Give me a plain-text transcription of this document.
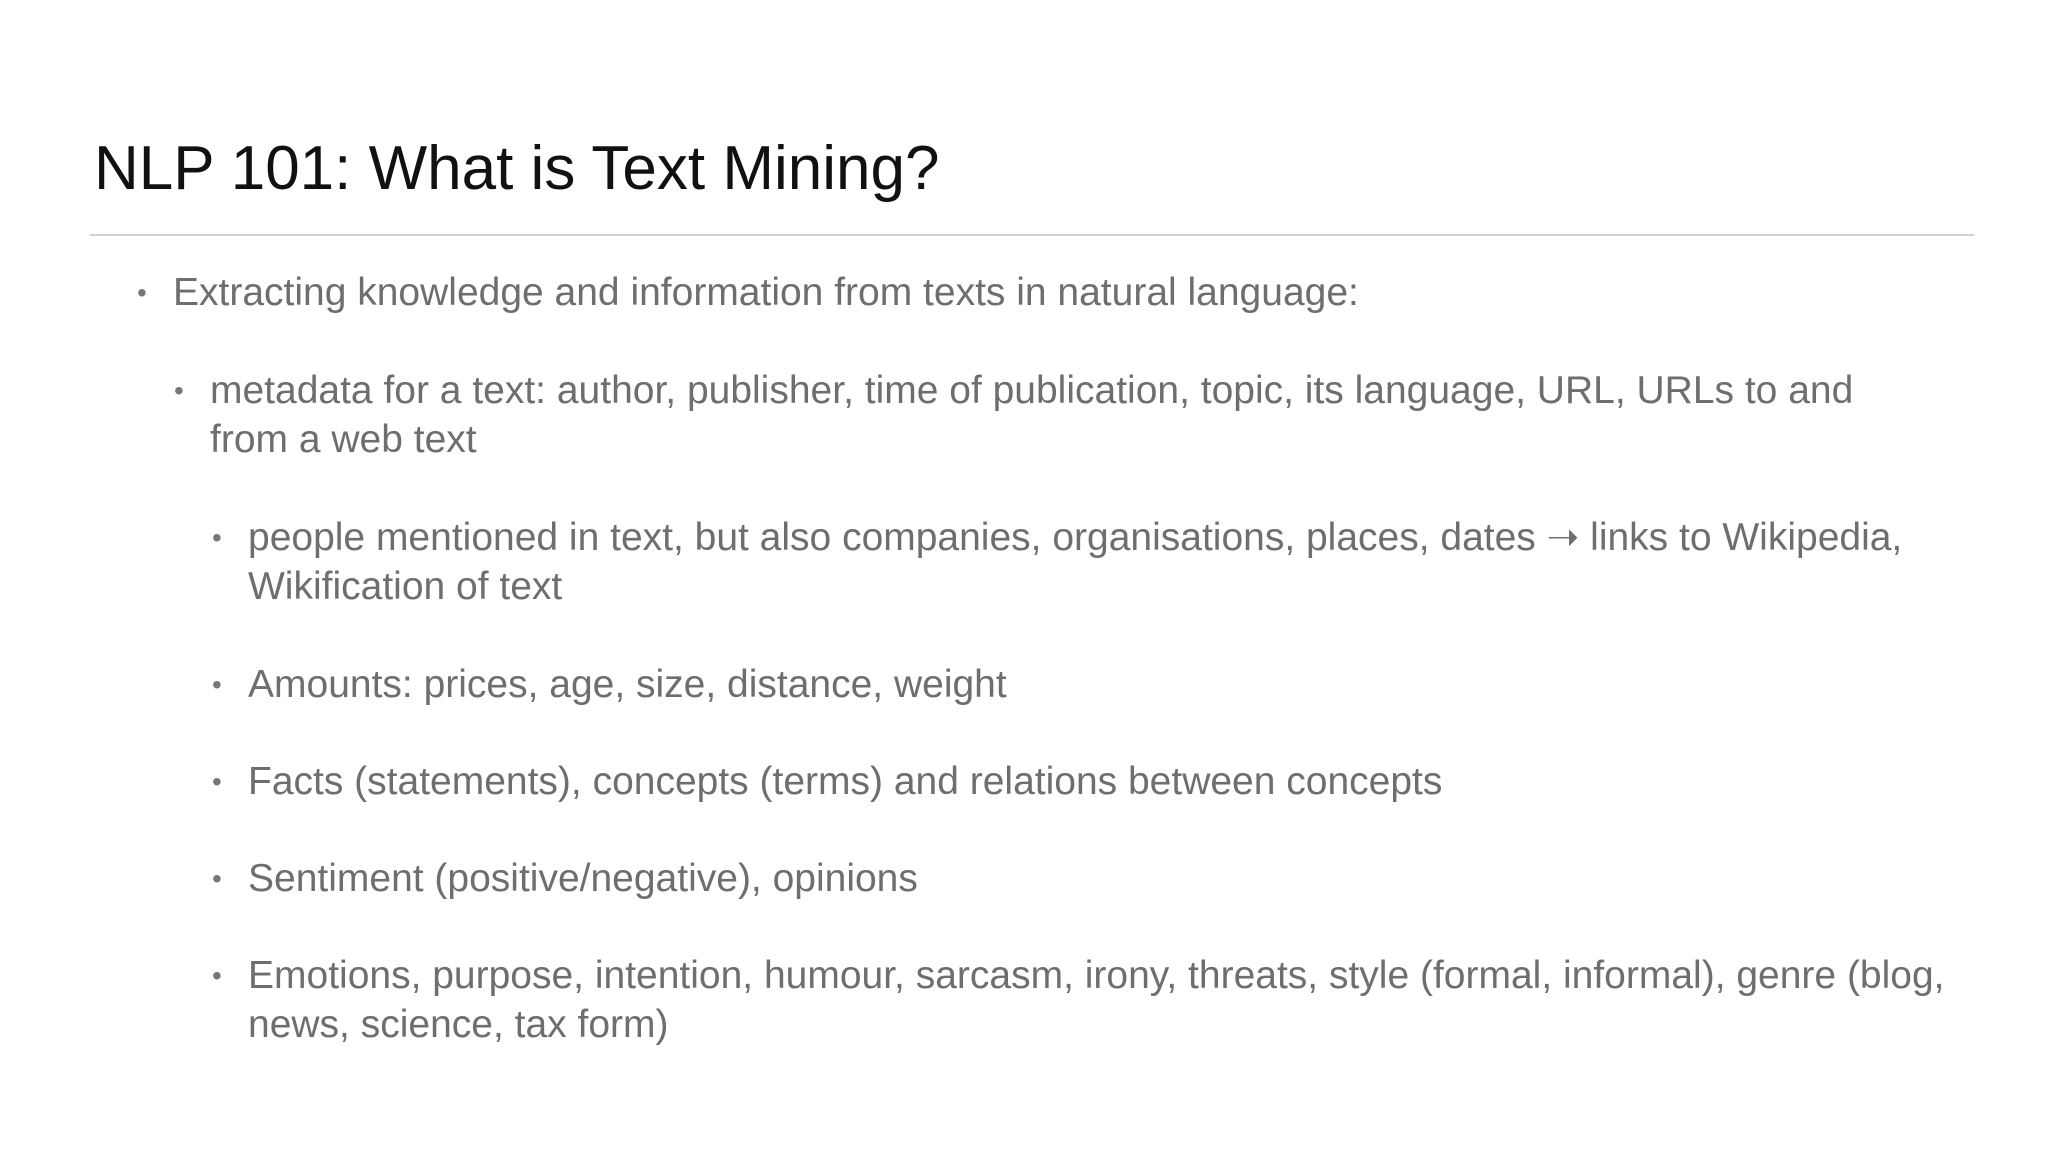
NLP 101: What is Text Mining?
• Extracting knowledge and information from texts in natural language:
• metadata for a text: author, publisher, time of publication, topic, its language, URL, URLs to and from a web text
• people mentioned in text, but also companies, organisations, places, dates ➝ links to Wikipedia, Wikification of text
• Amounts: prices, age, size, distance, weight
• Facts (statements), concepts (terms) and relations between concepts
• Sentiment (positive/negative), opinions
• Emotions, purpose, intention, humour, sarcasm, irony, threats, style (formal, informal), genre (blog, news, science, tax form)
